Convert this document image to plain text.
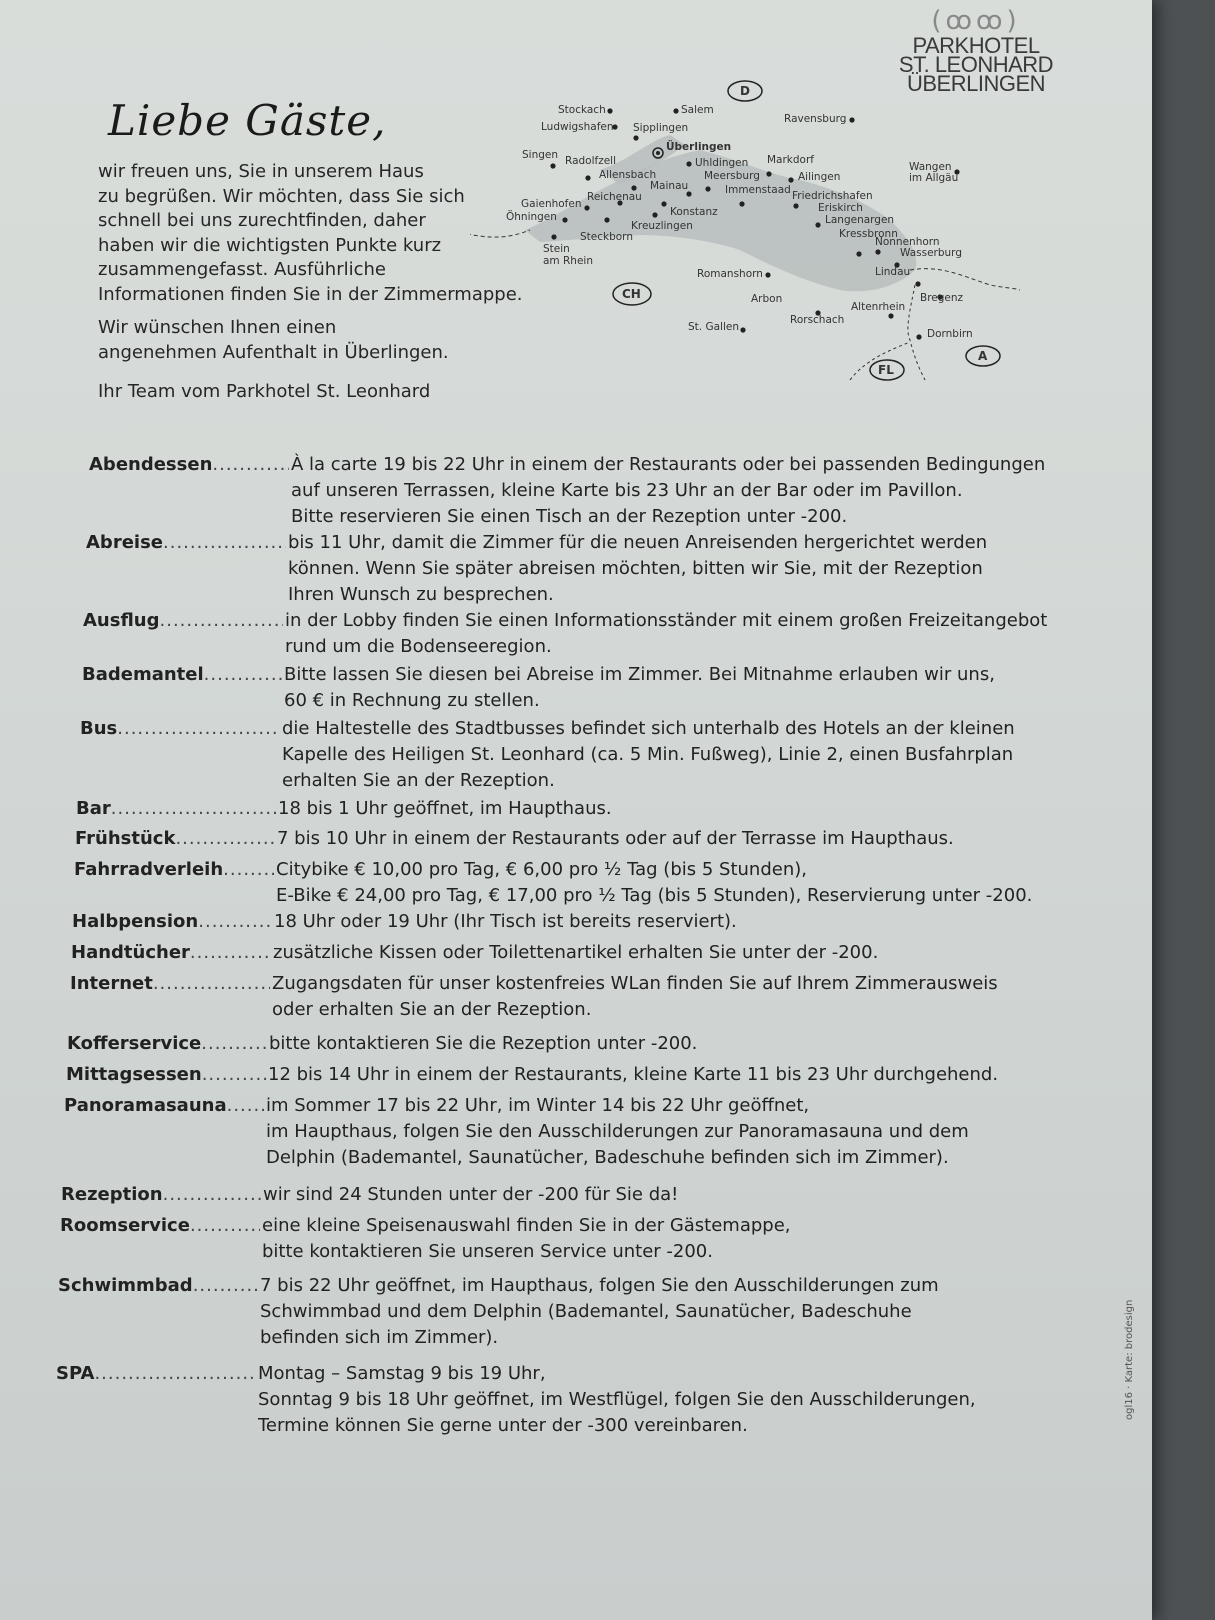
Liebe Gäste,

wir freuen uns, Sie in unserem Haus

zu begrüßen. Wir möchten, dass Sie sich

schnell bei uns zurechtfinden, daher

haben wir die wichtigsten Punkte kurz

zusammengefasst. Ausführliche

Informationen finden Sie in der Zimmermappe.

Wir wünschen Ihnen einen

angenehmen Aufenthalt in Überlingen.

Ihr Team vom Parkhotel St. Leonhard

(ꝏꝏ)
PARKHOTEL
ST. LEONHARD
ÜBERLINGEN
D
CH
A
FL
Stockach	Salem
Ravensburg
Ludwigshafen Sipplingen
Überlingen
Singen Radolfzell	Uhldingen Markdorf
Wangen
im Allgäu
Allensbach	Meersburg	Ailingen
Mainau	Immenstaad
Reichenau	Friedrichshafen
Gaienhofen	Eriskirch
Konstanz
Öhningen	Langenargen
Kreuzlingen
Kressbronn
Steckborn	Nonnenhorn
Stein
am Rhein
Wasserburg
Lindau
Romanshorn
Bregenz
Arbon
Altenrhein
Rorschach
St. Gallen
Dornbirn
Abendessen .....	À la carte 19 bis 22 Uhr in einem der Restaurants oder bei passenden Bedingungen
auf unseren Terrassen, kleine Karte bis 23 Uhr an der Bar oder im Pavillon.
Bitte reservieren Sie einen Tisch an der Rezeption unter -200.
Abreise .....	bis 11 Uhr, damit die Zimmer für die neuen Anreisenden hergerichtet werden
können. Wenn Sie später abreisen möchten, bitten wir Sie, mit der Rezeption
Ihren Wunsch zu besprechen.
Ausflug .....	in der Lobby finden Sie einen Informationsständer mit einem großen Freizeitangebot
rund um die Bodenseeregion.
Bademantel .....	Bitte lassen Sie diesen bei Abreise im Zimmer. Bei Mitnahme erlauben wir uns,
60 € in Rechnung zu stellen.
Bus .....	die Haltestelle des Stadtbusses befindet sich unterhalb des Hotels an der kleinen
Kapelle des Heiligen St. Leonhard (ca. 5 Min. Fußweg), Linie 2, einen Busfahrplan
erhalten Sie an der Rezeption.
Bar .....	18 bis 1 Uhr geöffnet, im Haupthaus.
Frühstück .....	7 bis 10 Uhr in einem der Restaurants oder auf der Terrasse im Haupthaus.
Fahrradverleih .....	Citybike € 10,00 pro Tag, € 6,00 pro ½ Tag (bis 5 Stunden),
E-Bike € 24,00 pro Tag, € 17,00 pro ½ Tag (bis 5 Stunden), Reservierung unter -200.
Halbpension .....	18 Uhr oder 19 Uhr (Ihr Tisch ist bereits reserviert).
Handtücher .....	zusätzliche Kissen oder Toilettenartikel erhalten Sie unter der -200.
Internet .....	Zugangsdaten für unser kostenfreies WLan finden Sie auf Ihrem Zimmerausweis
oder erhalten Sie an der Rezeption.
Kofferservice .....	bitte kontaktieren Sie die Rezeption unter -200.
Mittagsessen .....	12 bis 14 Uhr in einem der Restaurants, kleine Karte 11 bis 23 Uhr durchgehend.
Panoramasauna ..... im Sommer 17 bis 22 Uhr, im Winter 14 bis 22 Uhr geöffnet,
im Haupthaus, folgen Sie den Ausschilderungen zur Panoramasauna und dem
Delphin (Bademantel, Saunatücher, Badeschuhe befinden sich im Zimmer).
Rezeption .....	wir sind 24 Stunden unter der -200 für Sie da!
Roomservice .....	eine kleine Speisenauswahl finden Sie in der Gästemappe,
bitte kontaktieren Sie unseren Service unter -200.
Schwimmbad .....	7 bis 22 Uhr geöffnet, im Haupthaus, folgen Sie den Ausschilderungen zum
Schwimmbad und dem Delphin (Bademantel, Saunatücher, Badeschuhe
befinden sich im Zimmer).
SPA .....	Montag – Samstag 9 bis 19 Uhr,
Sonntag 9 bis 18 Uhr geöffnet, im Westflügel, folgen Sie den Ausschilderungen,
Termine können Sie gerne unter der -300 vereinbaren.
ogl16 · Karte: brodesign
